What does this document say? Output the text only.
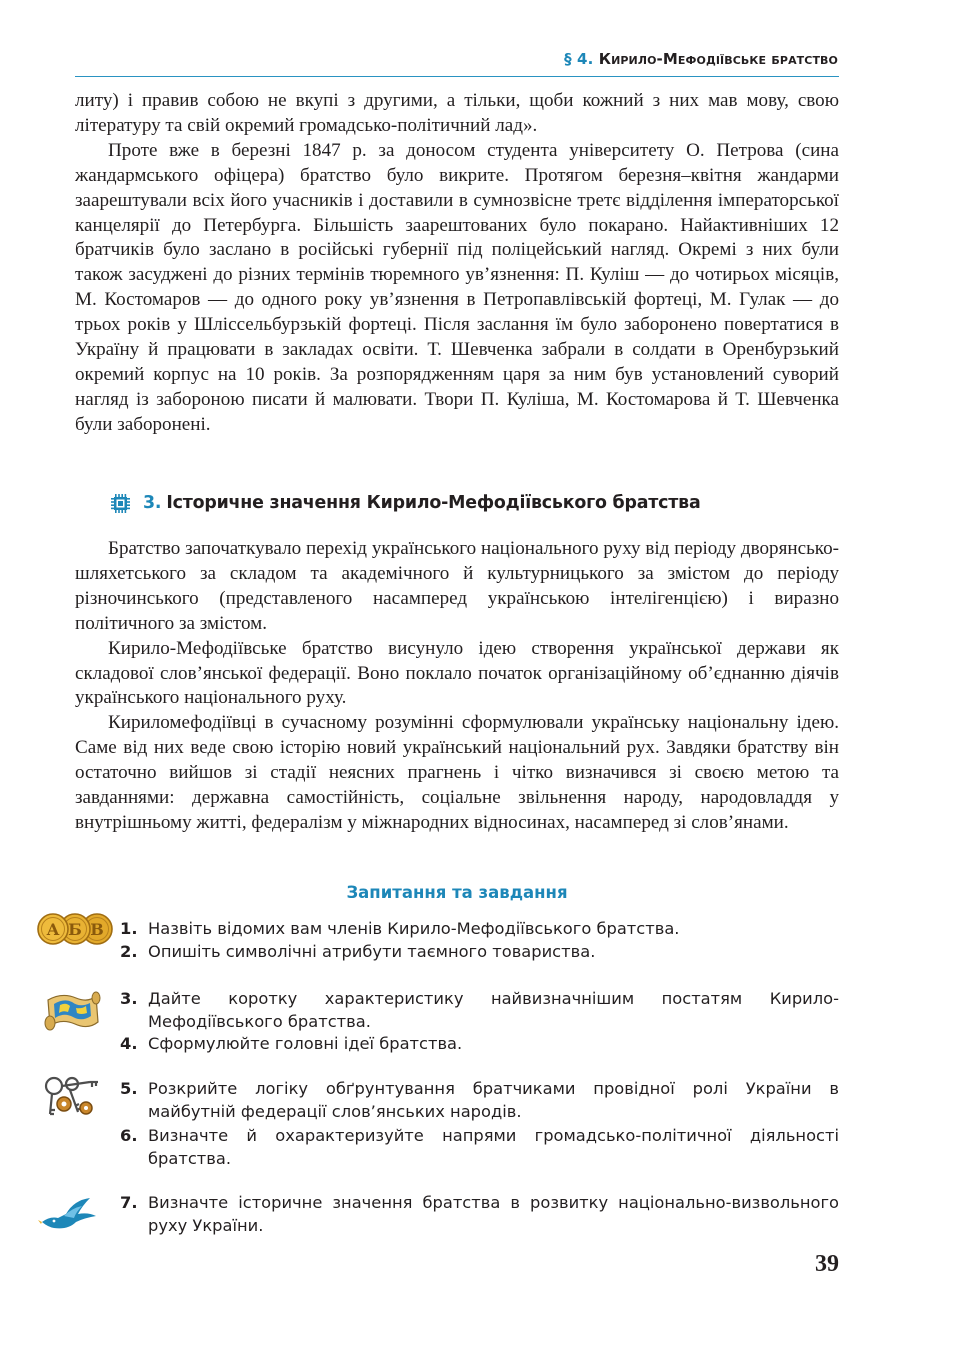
§ 4. Кирило-Мефодіївське братство

литу) і правив собою не вкупі з другими, а тільки, щоби кожний з них мав мову, свою літературу та свій окремий громадсько-політичний лад».

Проте вже в березні 1847 р. за доносом студента університету О. Петрова (сина жандармського офіцера) братство було викрите. Протягом березня–квітня жандарми заарештували всіх його учасників і доставили в сумнозвісне третє відділення імператорської канцелярії до Петербурга. Більшість заарештованих було покарано. Найактивніших 12 братчиків було заслано в російські губернії під поліцейський нагляд. Окремі з них були також засуджені до різних термінів тюремного ув’язнення: П. Куліш — до чотирьох місяців, М. Костомаров — до одного року ув’язнення в Петропавлівській фортеці, М. Гулак — до трьох років у Шліссельбурзькій фортеці. Після заслання їм було заборонено повертатися в Україну й працювати в закладах освіти. Т. Шевченка забрали в солдати в Оренбурзький окремий корпус на 10 років. За розпорядженням царя за ним був установлений суворий нагляд із забороною писати й малювати. Твори П. Куліша, М. Костомарова й Т. Шевченка були заборонені.

3. Історичне значення Кирило-Мефодіївського братства

Братство започаткувало перехід українського національного руху від періоду дворянсько-шляхетського за складом та академічного й культурницького за змістом до періоду різночинського (представленого насамперед українською інтелігенцією) і виразно політичного за змістом.

Кирило-Мефодіївське братство висунуло ідею створення української держави як складової слов’янської федерації. Воно поклало початок організаційному об’єднанню діячів українського національного руху.

Кириломефодіївці в сучасному розумінні сформулювали українську національну ідею. Саме від них веде свою історію новий український національний рух. Завдяки братству він остаточно вийшов зі стадії неясних прагнень і чітко визначився зі своєю метою та завданнями: державна самостійність, соціальне звільнення народу, народовладдя у внутрішньому житті, федералізм у міжнародних відносинах, насамперед зі слов’янами.

Запитання та завдання
В
Б
А	1. Назвіть відомих вам членів Кирило-Мефодіївського братства.
2. Опишіть символічні атрибути таємного товариства.
3. Дайте коротку характеристику найвизначнішим постатям Кирило-Мефодіївського братства.
4. Сформулюйте головні ідеї братства.
5. Розкрийте логіку обґрунтування братчиками провідної ролі України в майбутній федерації слов’янських народів.
6. Визначте й охарактеризуйте напрями громадсько-політичної діяльності братства.
7. Визначте історичне значення братства в розвитку національно-визвольного руху України.
39
